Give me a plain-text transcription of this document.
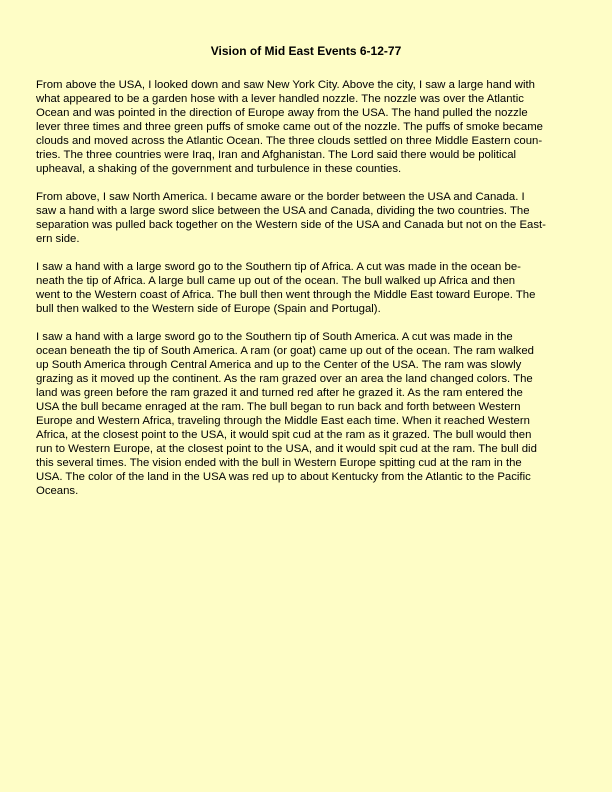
Vision of Mid East Events 6-12-77

From above the USA, I looked down and saw New York City. Above the city, I saw a large hand with
what appeared to be a garden hose with a lever handled nozzle. The nozzle was over the Atlantic
Ocean and was pointed in the direction of Europe away from the USA. The hand pulled the nozzle
lever three times and three green puffs of smoke came out of the nozzle. The puffs of smoke became
clouds and moved across the Atlantic Ocean. The three clouds settled on three Middle Eastern coun-
tries. The three countries were Iraq, Iran and Afghanistan. The Lord said there would be political
upheaval, a shaking of the government and turbulence in these counties.

From above, I saw North America. I became aware or the border between the USA and Canada. I
saw a hand with a large sword slice between the USA and Canada, dividing the two countries. The
separation was pulled back together on the Western side of the USA and Canada but not on the East-
ern side.

I saw a hand with a large sword go to the Southern tip of Africa. A cut was made in the ocean be-
neath the tip of Africa. A large bull came up out of the ocean. The bull walked up Africa and then
went to the Western coast of Africa. The bull then went through the Middle East toward Europe. The
bull then walked to the Western side of Europe (Spain and Portugal).

I saw a hand with a large sword go to the Southern tip of South America. A cut was made in the
ocean beneath the tip of South America. A ram (or goat) came up out of the ocean. The ram walked
up South America through Central America and up to the Center of the USA. The ram was slowly
grazing as it moved up the continent. As the ram grazed over an area the land changed colors. The
land was green before the ram grazed it and turned red after he grazed it. As the ram entered the
USA the bull became enraged at the ram. The bull began to run back and forth between Western
Europe and Western Africa, traveling through the Middle East each time. When it reached Western
Africa, at the closest point to the USA, it would spit cud at the ram as it grazed. The bull would then
run to Western Europe, at the closest point to the USA, and it would spit cud at the ram. The bull did
this several times. The vision ended with the bull in Western Europe spitting cud at the ram in the
USA. The color of the land in the USA was red up to about Kentucky from the Atlantic to the Pacific
Oceans.
